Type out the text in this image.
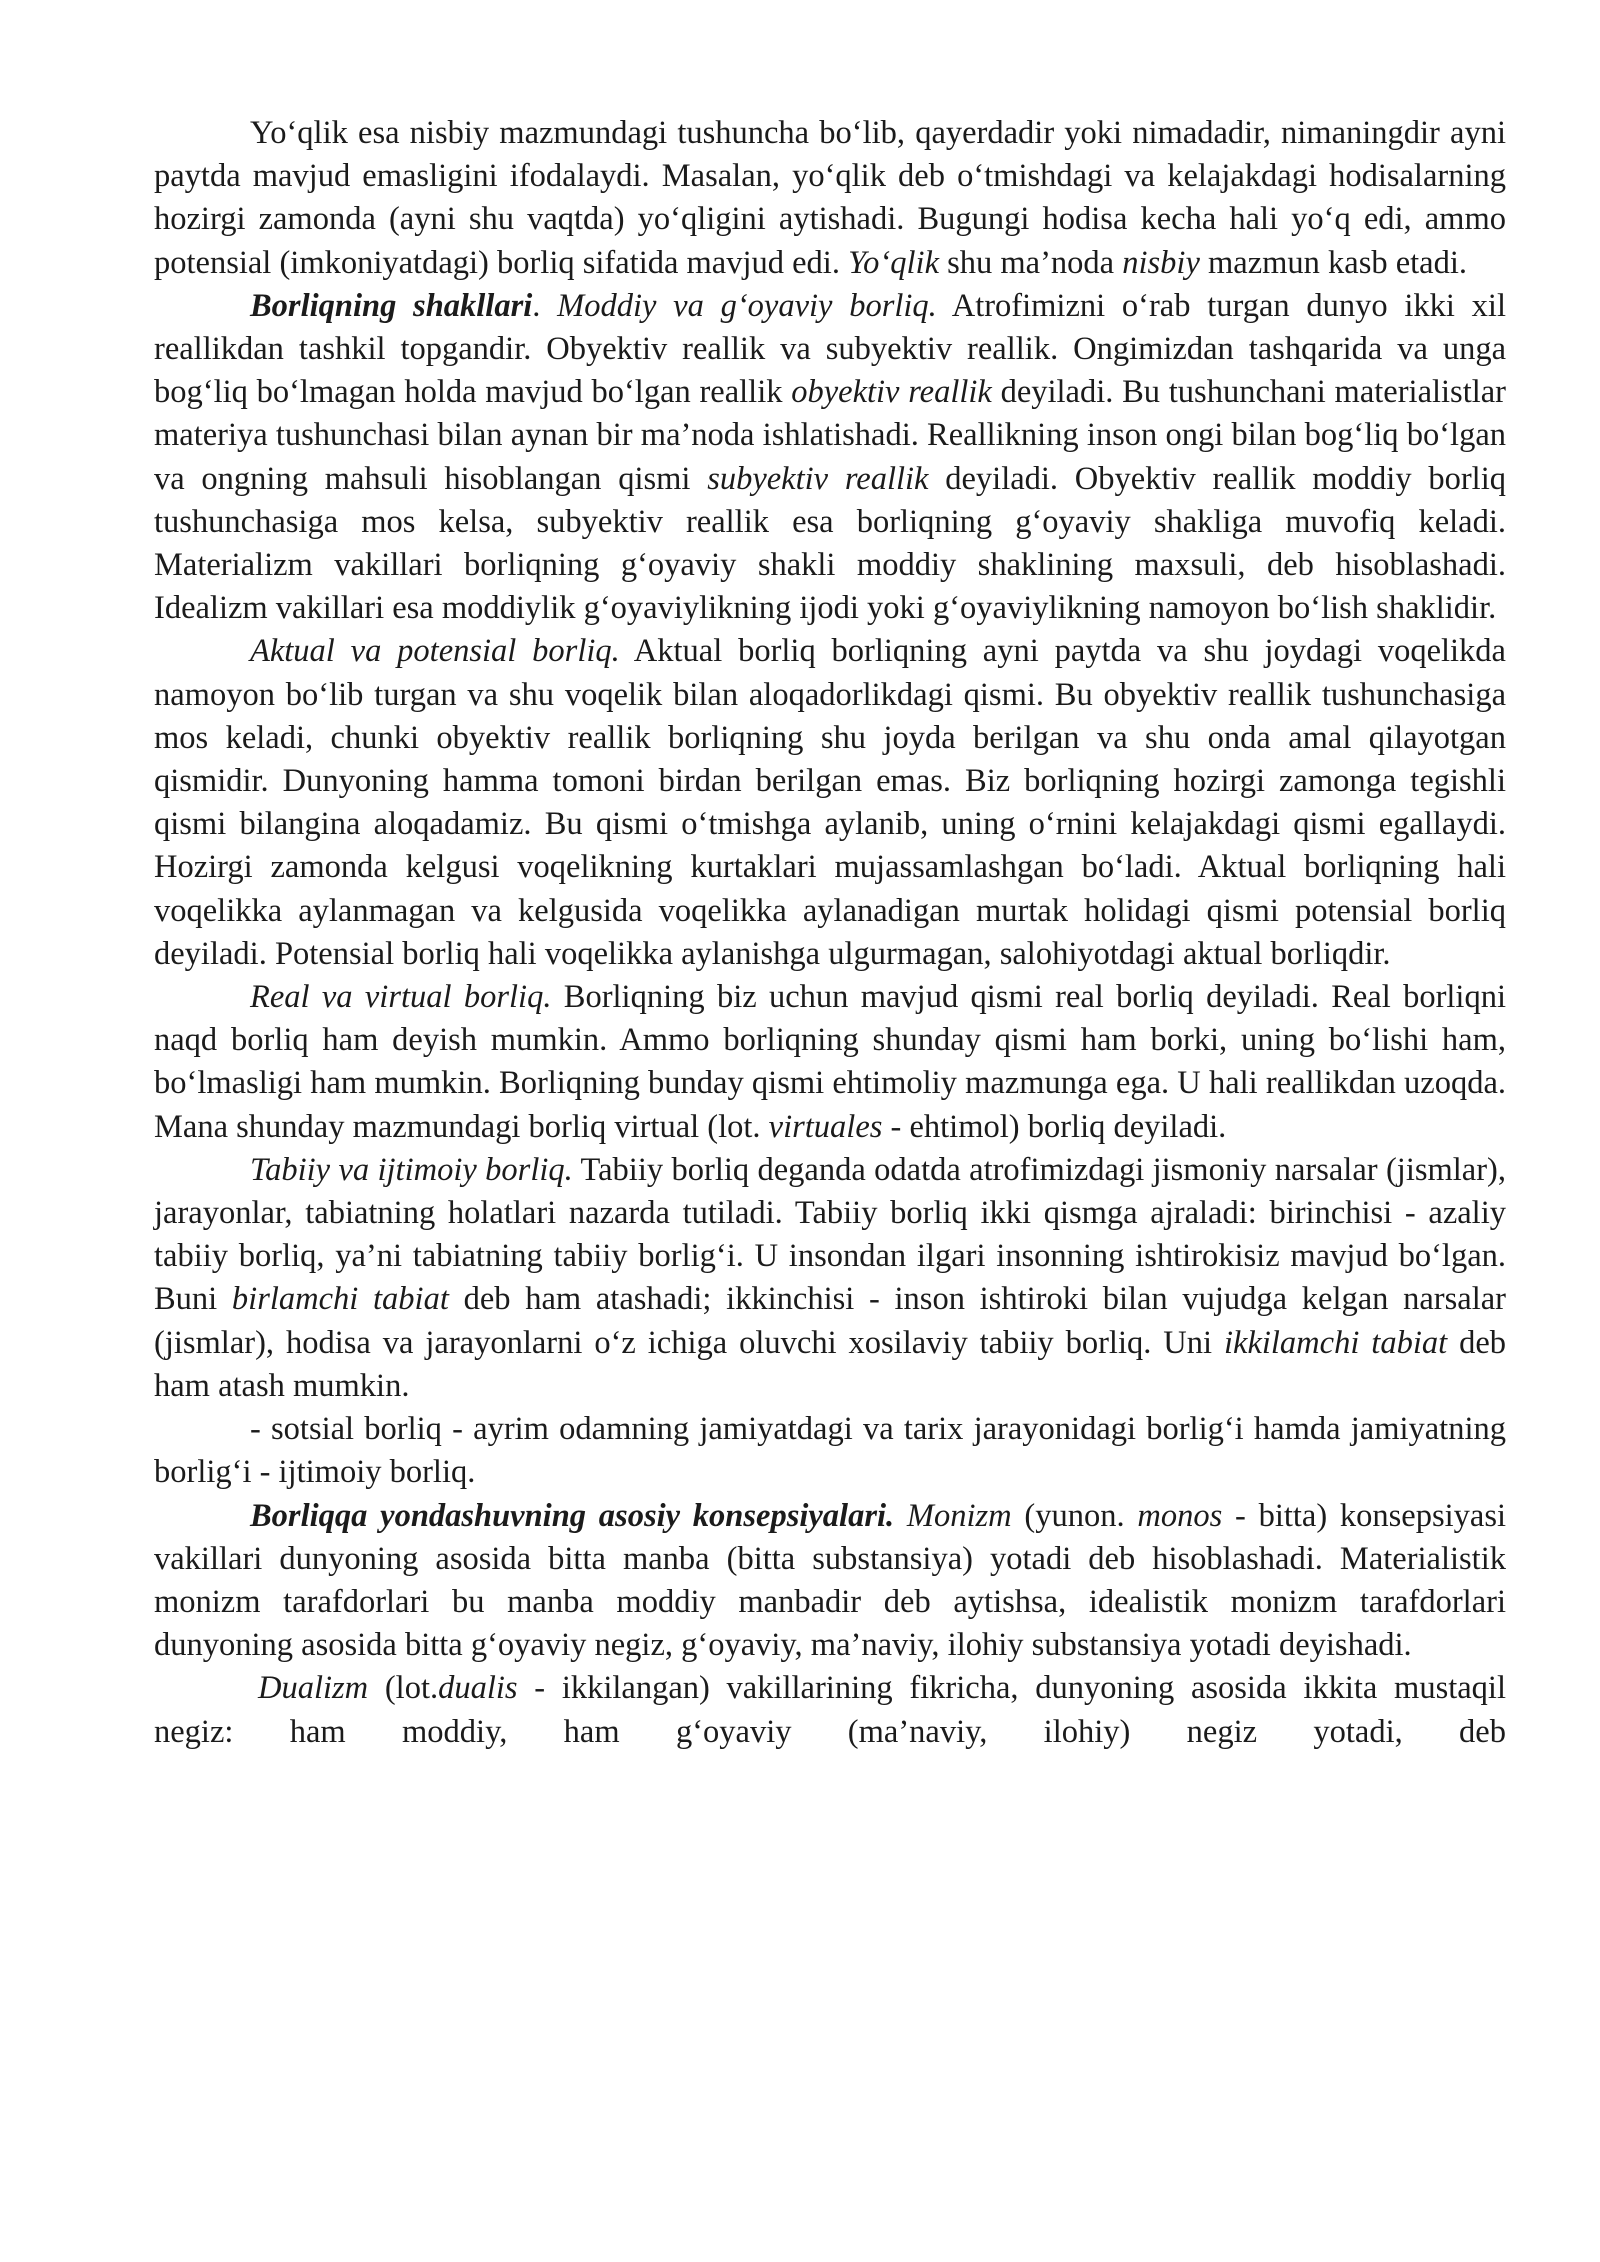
Yo‘qlik esa nisbiy mazmundagi tushuncha bo‘lib, qayerdadir yoki nimadadir, nimaningdir ayni paytda mavjud emasligini ifodalaydi. Masalan, yo‘qlik deb o‘tmishdagi va kelajakdagi hodisalarning hozirgi zamonda (ayni shu vaqtda) yo‘qligini aytishadi. Bugungi hodisa kecha hali yo‘q edi, ammo potensial (imkoniyatdagi) borliq sifatida mavjud edi. Yo‘qlik shu ma’noda nisbiy mazmun kasb etadi.

Borliqning shakllari. Moddiy va g‘oyaviy borliq. Atrofimizni o‘rab turgan dunyo ikki xil reallikdan tashkil topgandir. Obyektiv reallik va subyektiv reallik. Ongimizdan tashqarida va unga bog‘liq bo‘lmagan holda mavjud bo‘lgan reallik obyektiv reallik deyiladi. Bu tushunchani materialistlar materiya tushunchasi bilan aynan bir ma’noda ishlatishadi. Reallikning inson ongi bilan bog‘liq bo‘lgan va ongning mahsuli hisoblangan qismi subyektiv reallik deyiladi. Obyektiv reallik moddiy borliq tushunchasiga mos kelsa, subyektiv reallik esa borliqning g‘oyaviy shakliga muvofiq keladi. Materializm vakillari borliqning g‘oyaviy shakli moddiy shaklining maxsuli, deb hisoblashadi. Idealizm vakillari esa moddiylik g‘oyaviylikning ijodi yoki g‘oyaviylikning namoyon bo‘lish shaklidir.

Aktual va potensial borliq. Aktual borliq borliqning ayni paytda va shu joydagi voqelikda namoyon bo‘lib turgan va shu voqelik bilan aloqadorlikdagi qismi. Bu obyektiv reallik tushunchasiga mos keladi, chunki obyektiv reallik borliqning shu joyda berilgan va shu onda amal qilayotgan qismidir. Dunyoning hamma tomoni birdan berilgan emas. Biz borliqning hozirgi zamonga tegishli qismi bilangina aloqadamiz. Bu qismi o‘tmishga aylanib, uning o‘rnini kelajakdagi qismi egallaydi. Hozirgi zamonda kelgusi voqelikning kurtaklari mujassamlashgan bo‘ladi. Aktual borliqning hali voqelikka aylanmagan va kelgusida voqelikka aylanadigan murtak holidagi qismi potensial borliq deyiladi. Potensial borliq hali voqelikka aylanishga ulgurmagan, salohiyotdagi aktual borliqdir.

Real va virtual borliq. Borliqning biz uchun mavjud qismi real borliq deyiladi. Real borliqni naqd borliq ham deyish mumkin. Ammo borliqning shunday qismi ham borki, uning bo‘lishi ham, bo‘lmasligi ham mumkin. Borliqning bunday qismi ehtimoliy mazmunga ega. U hali reallikdan uzoqda. Mana shunday mazmundagi borliq virtual (lot. virtuales - ehtimol) borliq deyiladi.

Tabiiy va ijtimoiy borliq. Tabiiy borliq deganda odatda atrofimizdagi jismoniy narsalar (jismlar), jarayonlar, tabiatning holatlari nazarda tutiladi. Tabiiy borliq ikki qismga ajraladi: birinchisi - azaliy tabiiy borliq, ya’ni tabiatning tabiiy borlig‘i. U insondan ilgari insonning ishtirokisiz mavjud bo‘lgan. Buni birlamchi tabiat deb ham atashadi; ikkinchisi - inson ishtiroki bilan vujudga kelgan narsalar (jismlar), hodisa va jarayonlarni o‘z ichiga oluvchi xosilaviy tabiiy borliq. Uni ikkilamchi tabiat deb ham atash mumkin.

- sotsial borliq - ayrim odamning jamiyatdagi va tarix jarayonidagi borlig‘i hamda jamiyatning borlig‘i - ijtimoiy borliq.

Borliqqa yondashuvning asosiy konsepsiyalari. Monizm (yunon. monos - bitta) konsepsiyasi vakillari dunyoning asosida bitta manba (bitta substansiya) yotadi deb hisoblashadi. Materialistik monizm tarafdorlari bu manba moddiy manbadir deb aytishsa, idealistik monizm tarafdorlari dunyoning asosida bitta g‘oyaviy negiz, g‘oyaviy, ma’naviy, ilohiy substansiya yotadi deyishadi.

Dualizm (lot.dualis - ikkilangan) vakillarining fikricha, dunyoning asosida ikkita mustaqil negiz: ham moddiy, ham g‘oyaviy (ma’naviy, ilohiy) negiz yotadi, deb
